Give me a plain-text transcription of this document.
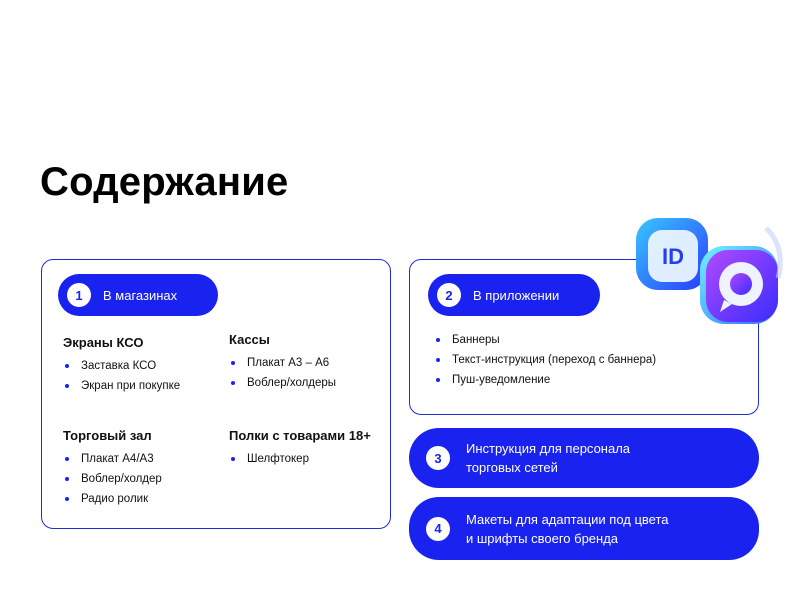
Содержание
1	В магазинах
Экраны КСО
Заставка КСО
Экран при покупке
Кассы
Плакат А3 – А6
Воблер/холдеры
Торговый зал
Плакат А4/А3
Воблер/холдер
Радио ролик
Полки с товарами 18+
Шелфтокер
2	В приложении
Баннеры
Текст-инструкция (переход с баннера)
Пуш-уведомление
ID
3
Инструкция для персонала
торговых сетей
4
Макеты для адаптации под цвета
и шрифты своего бренда
